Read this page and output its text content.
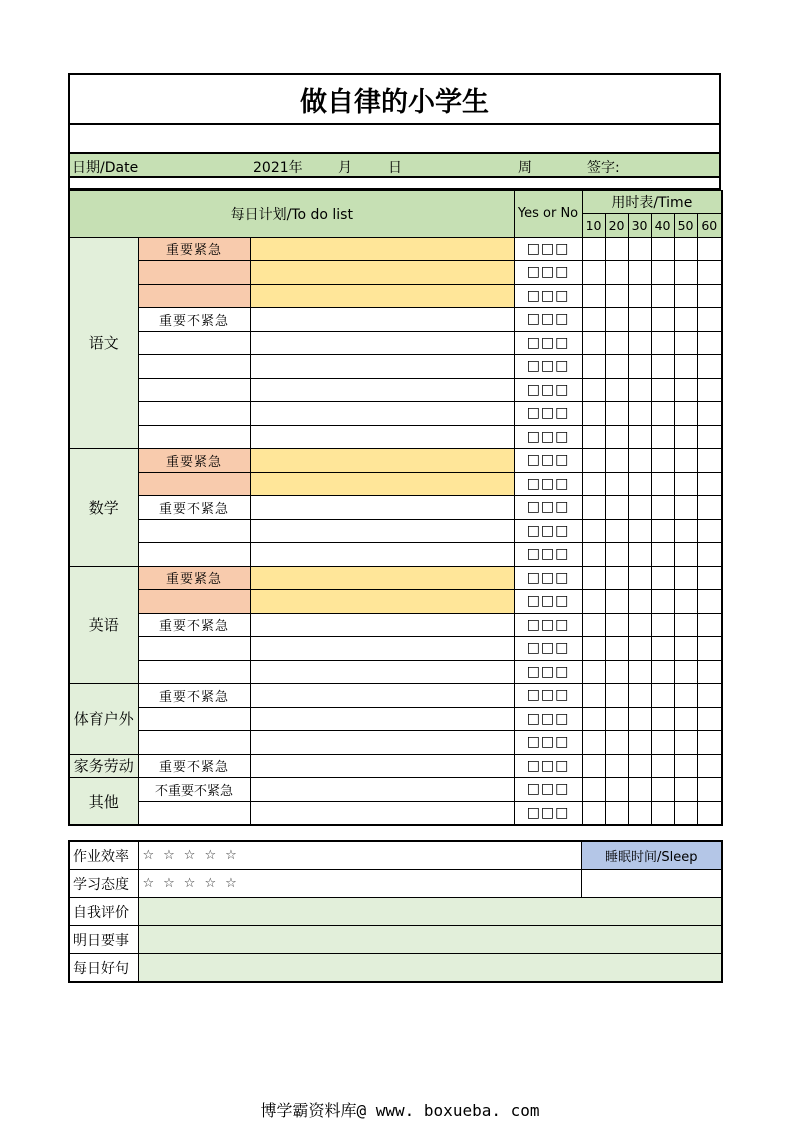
做自律的小学生
日期/Date	2021年	月	日	周	签字:
每日计划/To do list			Yes or No	用时表/Time					
				10	20	30	40	50	60
语文	重要紧急		□□□						
			□□□						
			□□□						
	重要不紧急		□□□						
			□□□						
			□□□						
			□□□						
			□□□						
			□□□						
数学	重要紧急		□□□						
			□□□						
	重要不紧急		□□□						
			□□□						
			□□□						
英语	重要紧急		□□□						
			□□□						
	重要不紧急		□□□						
			□□□						
			□□□						
体育户外	重要不紧急		□□□						
			□□□						
			□□□						
家务劳动	重要不紧急		□□□						
其他	不重要不紧急		□□□						
			□□□						
作业效率	☆☆☆☆☆	睡眠时间/Sleep
学习态度	☆☆☆☆☆	
自我评价		
明日要事		
每日好句		
博学霸资料库@ www. boxueba. com
